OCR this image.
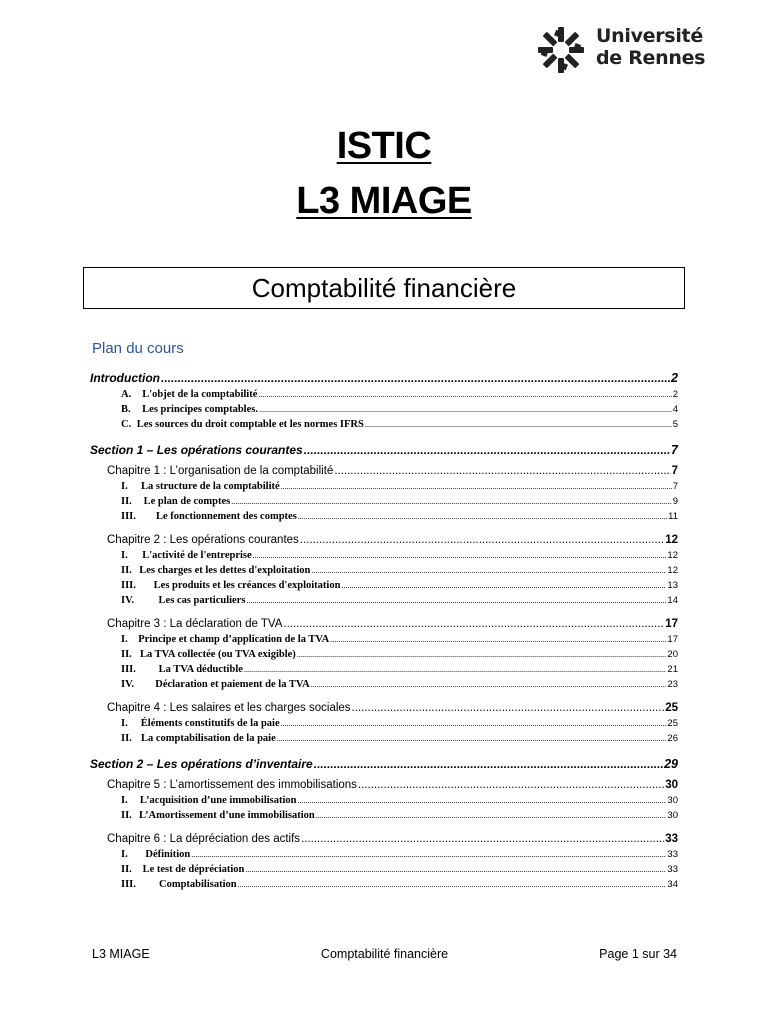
Université
de Rennes
ISTIC
L3 MIAGE
Comptabilité financière
Plan du cours
Introduction .....	2
A.	L'objet de la comptabilité .....	2
B.	Les principes comptables. .....	4
C. Les sources du droit comptable et les normes IFRS .....	5
Section 1 – Les opérations courantes .....	7
Chapitre 1 : L’organisation de la comptabilité .....	7
I.	La structure de la comptabilité .....	7
II.	Le plan de comptes .....	9
III.	Le fonctionnement des comptes .....	11
Chapitre 2 : Les opérations courantes .....	12
I.	L'activité de l'entreprise .....	12
II. Les charges et les dettes d'exploitation .....	12
III.	Les produits et les créances d'exploitation .....	13
IV.	Les cas particuliers .....	14
Chapitre 3 : La déclaration de TVA .....	17
I.	Principe et champ d’application de la TVA .....	17
II. La TVA collectée (ou TVA exigible) .....	20
III.	La TVA déductible .....	21
IV.	Déclaration et paiement de la TVA .....	23
Chapitre 4 : Les salaires et les charges sociales .....	25
I.	Éléments constitutifs de la paie .....	25
II. La comptabilisation de la paie .....	26
Section 2 – Les opérations d’inventaire .....	29
Chapitre 5 : L’amortissement des immobilisations .....	30
I.	L’acquisition d’une immobilisation .....	30
II. L’Amortissement d’une immobilisation .....	30
Chapitre 6 : La dépréciation des actifs .....	33
I.	Définition .....	33
II.	Le test de dépréciation .....	33
III.	Comptabilisation .....	34
L3 MIAGE	Comptabilité financière	Page 1 sur 34
